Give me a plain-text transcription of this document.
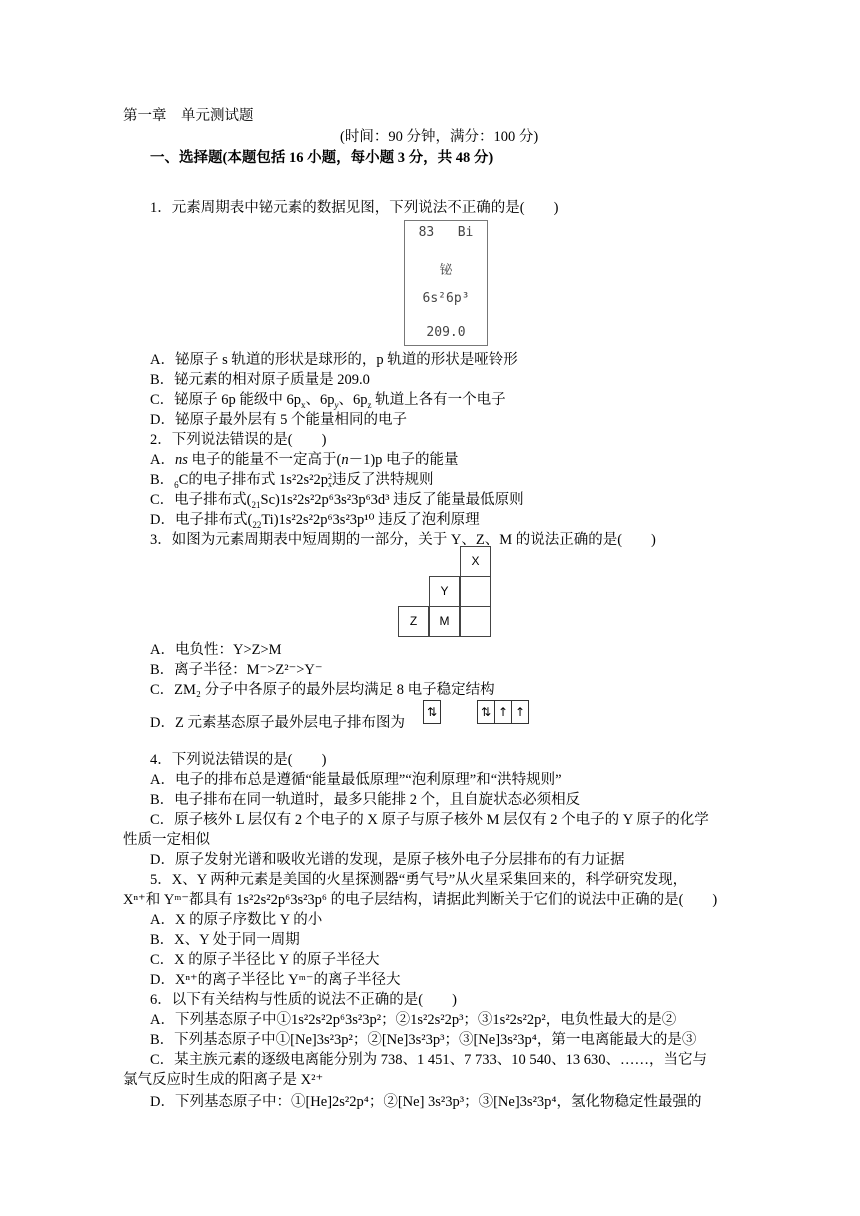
第一章　单元测试题
(时间：90 分钟，满分：100 分)
一、选择题(本题包括 16 小题，每小题 3 分，共 48 分)
1．元素周期表中铋元素的数据见图，下列说法不正确的是(　　)
83 Bi
铋
6s²6p³
209.0
A．铋原子 s 轨道的形状是球形的，p 轨道的形状是哑铃形
B．铋元素的相对原子质量是 209.0
C．铋原子 6p 能级中 $6p_x$、$6p_y$、$6p_z$ 轨道上各有一个电子
D．铋原子最外层有 5 个能量相同的电子
2．下列说法错误的是(　　)
A．ns 电子的能量不一定高于(n－1)p 电子的能量
B．$_6$C的电子排布式 1s²2s²2p2
x违反了洪特规则
C．电子排布式$(_{21}Sc)1s^22s^22p^63s^23p^63d^3$ 违反了能量最低原则
D．电子排布式$(_{22}Ti)1s^22s^22p^63s^23p^{10}$ 违反了泡利原理
3．如图为元素周期表中短周期的一部分，关于 Y、Z、M 的说法正确的是(　　)
X
Y
Z	M
A．电负性：Y>Z>M
B．离子半径：M⁻>Z²⁻>Y⁻
C．ZM₂ 分子中各原子的最外层均满足 8 电子稳定结构
D．Z 元素基态原子最外层电子排布图为
⇅	⇅ ↑ ↑
4．下列说法错误的是(　　)
A．电子的排布总是遵循“能量最低原理”“泡利原理”和“洪特规则”
B．电子排布在同一轨道时，最多只能排 2 个，且自旋状态必须相反
C．原子核外 L 层仅有 2 个电子的 X 原子与原子核外 M 层仅有 2 个电子的 Y 原子的化学
性质一定相似
D．原子发射光谱和吸收光谱的发现，是原子核外电子分层排布的有力证据
5．X、Y 两种元素是美国的火星探测器“勇气号”从火星采集回来的，科学研究发现，
Xⁿ⁺和 Yᵐ⁻都具有 1s²2s²2p⁶3s²3p⁶ 的电子层结构，请据此判断关于它们的说法中正确的是(　　)
A．X 的原子序数比 Y 的小
B．X、Y 处于同一周期
C．X 的原子半径比 Y 的原子半径大
D．Xⁿ⁺的离子半径比 Yᵐ⁻的离子半径大
6．以下有关结构与性质的说法不正确的是(　　)
A．下列基态原子中①1s²2s²2p⁶3s²3p²；②1s²2s²2p³；③1s²2s²2p²，电负性最大的是②
B．下列基态原子中①[Ne]3s²3p²；②[Ne]3s²3p³；③[Ne]3s²3p⁴，第一电离能最大的是③
C．某主族元素的逐级电离能分别为 738、1 451、7 733、10 540、13 630、……，当它与
氯气反应时生成的阳离子是 X²⁺
D．下列基态原子中：①[He]2s²2p⁴；②[Ne] 3s²3p³；③[Ne]3s²3p⁴，氢化物稳定性最强的
